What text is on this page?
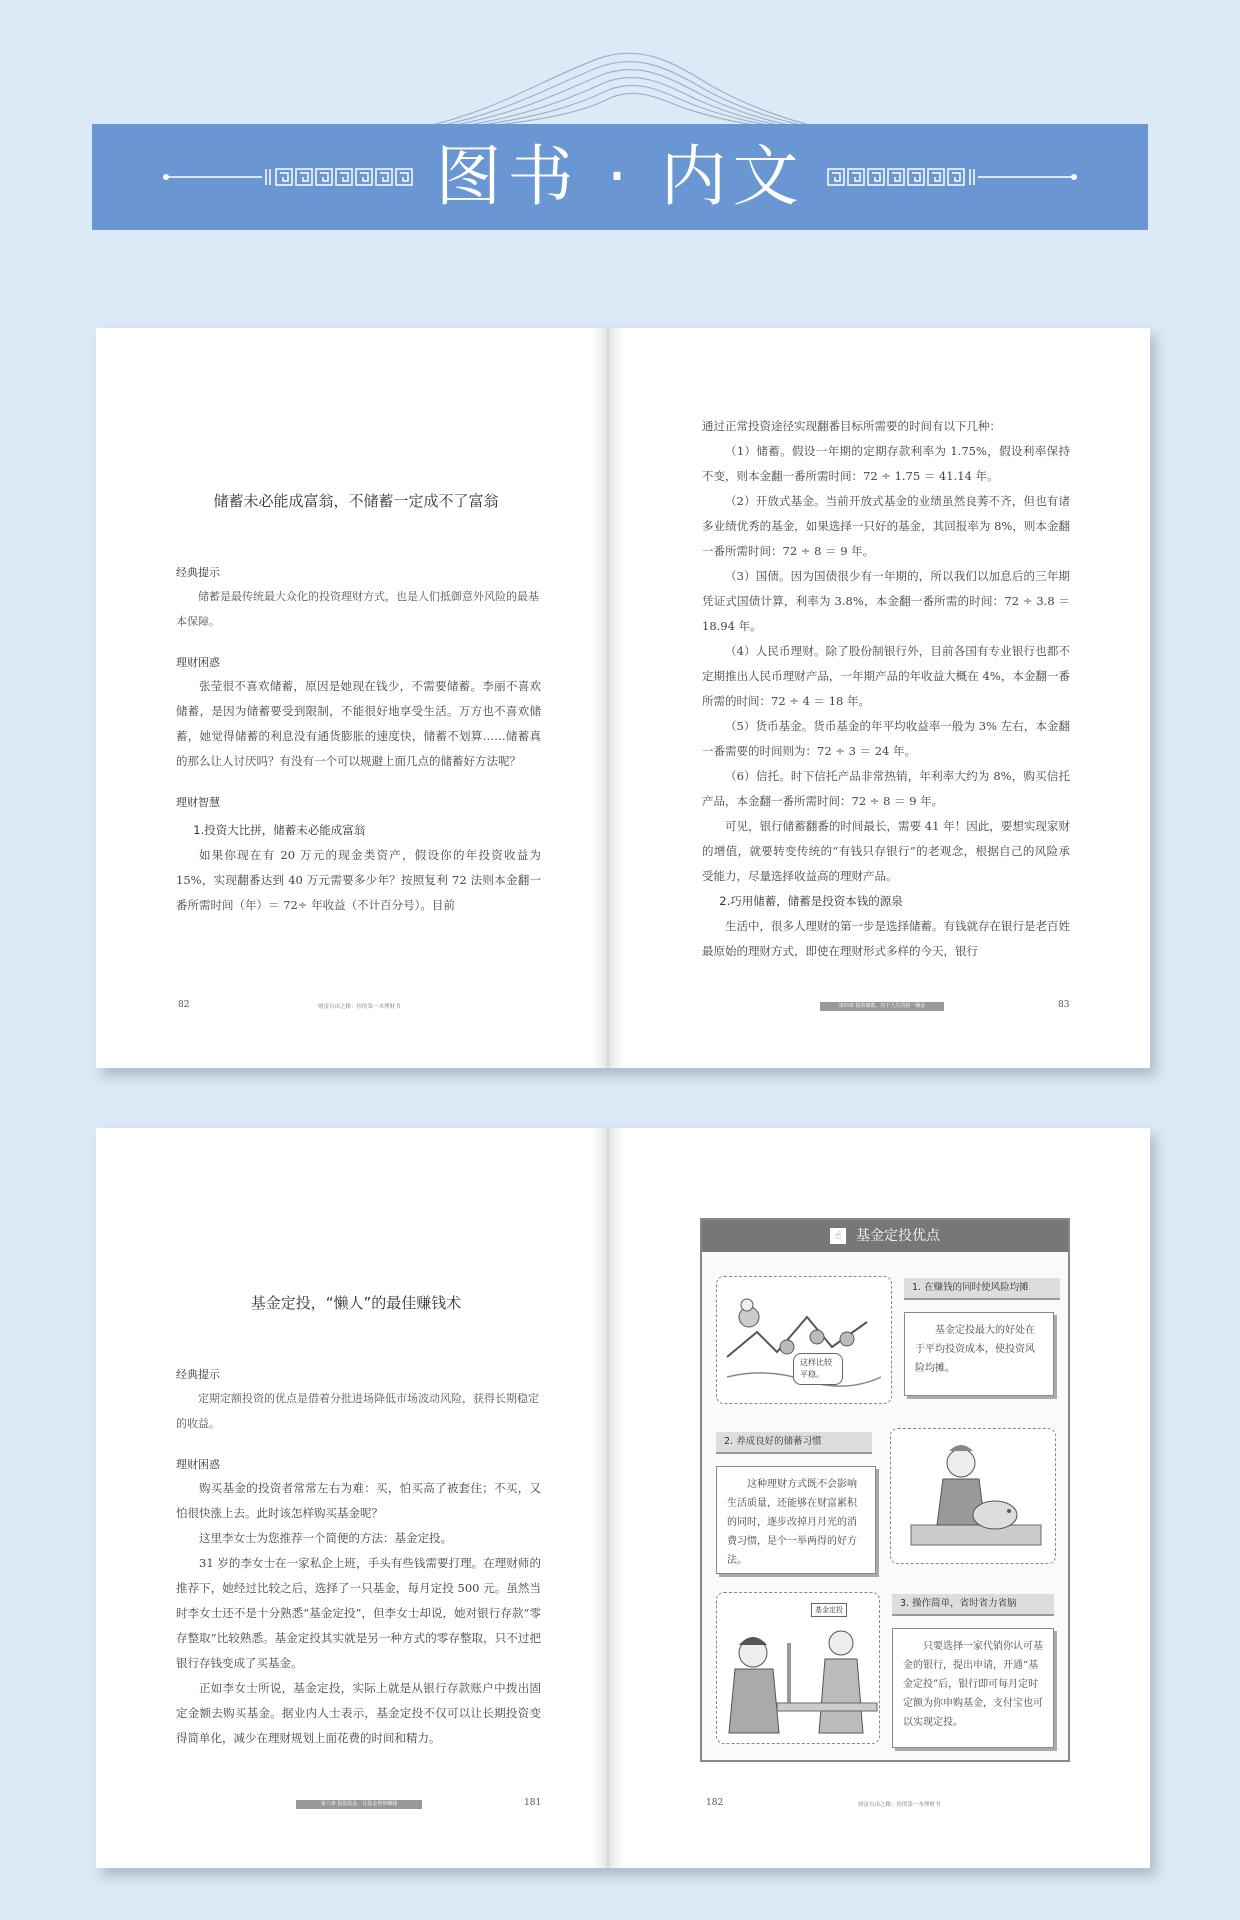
图书 · 内文
储蓄未必能成富翁，不储蓄一定成不了富翁

经典提示

储蓄是最传统最大众化的投资理财方式，也是人们抵御意外风险的最基本保障。

理财困惑

张莹很不喜欢储蓄，原因是她现在钱少，不需要储蓄。李丽不喜欢储蓄，是因为储蓄要受到限制，不能很好地享受生活。万方也不喜欢储蓄，她觉得储蓄的利息没有通货膨胀的速度快，储蓄不划算……储蓄真的那么让人讨厌吗？有没有一个可以规避上面几点的储蓄好方法呢？

理财智慧

1.投资大比拼，储蓄未必能成富翁

如果你现在有 20 万元的现金类资产，假设你的年投资收益为 15%，实现翻番达到 40 万元需要多少年？按照复利 72 法则本金翻一番所需时间（年）＝ 72÷ 年收益（不计百分号）。目前

82	财富自由之路：你的第一本理财书

通过正常投资途径实现翻番目标所需要的时间有以下几种：

（1）储蓄。假设一年期的定期存款利率为 1.75%，假设利率保持不变，则本金翻一番所需时间：72 ÷ 1.75 ＝ 41.14 年。

（2）开放式基金。当前开放式基金的业绩虽然良莠不齐，但也有诸多业绩优秀的基金，如果选择一只好的基金，其回报率为 8%，则本金翻一番所需时间：72 ÷ 8 ＝ 9 年。

（3）国债。因为国债很少有一年期的，所以我们以加息后的三年期凭证式国债计算，利率为 3.8%，本金翻一番所需的时间：72 ÷ 3.8 ＝ 18.94 年。

（4）人民币理财。除了股份制银行外，目前各国有专业银行也都不定期推出人民币理财产品，一年期产品的年收益大概在 4%，本金翻一番所需的时间：72 ÷ 4 ＝ 18 年。

（5）货币基金。货币基金的年平均收益率一般为 3% 左右，本金翻一番需要的时间则为：72 ÷ 3 ＝ 24 年。

（6）信托。时下信托产品非常热销，年利率大约为 8%，购买信托产品，本金翻一番所需时间：72 ÷ 8 ＝ 9 年。

可见，银行储蓄翻番的时间最长，需要 41 年！因此，要想实现家财的增值，就要转变传统的“有钱只存银行”的老观念，根据自己的风险承受能力，尽量选择收益高的理财产品。

2.巧用储蓄，储蓄是投资本钱的源泉

生活中，很多人理财的第一步是选择储蓄。有钱就存在银行是老百姓最原始的理财方式，即使在理财形式多样的今天，银行

第四章 投资储蓄，对于人生的第一桶金	83
基金定投，“懒人”的最佳赚钱术

经典提示

定期定额投资的优点是借着分批进场降低市场波动风险，获得长期稳定的收益。

理财困惑

购买基金的投资者常常左右为难：买，怕买高了被套住；不买，又怕很快涨上去。此时该怎样购买基金呢？

这里李女士为您推荐一个简便的方法：基金定投。

31 岁的李女士在一家私企上班，手头有些钱需要打理。在理财师的推荐下，她经过比较之后，选择了一只基金，每月定投 500 元。虽然当时李女士还不是十分熟悉“基金定投”，但李女士却说，她对银行存款“零存整取”比较熟悉。基金定投其实就是另一种方式的零存整取，只不过把银行存钱变成了买基金。

正如李女士所说，基金定投，实际上就是从银行存款账户中拨出固定金额去购买基金。据业内人士表示，基金定投不仅可以让长期投资变得简单化，减少在理财规划上面花费的时间和精力。

第八章 投资基金，让基金帮你赚钱	181	182	财富自由之路：你的第一本理财书
☝ 基金定投优点
这样比较平稳。
1. 在赚钱的同时使风险均摊
基金定投最大的好处在于平均投资成本，使投资风险均摊。
2. 养成良好的储蓄习惯
这种理财方式既不会影响生活质量，还能够在财富累积的同时，逐步改掉月月光的消费习惯，是个一举两得的好方法。
基金定投
3. 操作简单，省时省力省脑
只要选择一家代销你认可基金的银行，提出申请，开通“基金定投”后，银行即可每月定时定额为你申购基金，支付宝也可以实现定投。
